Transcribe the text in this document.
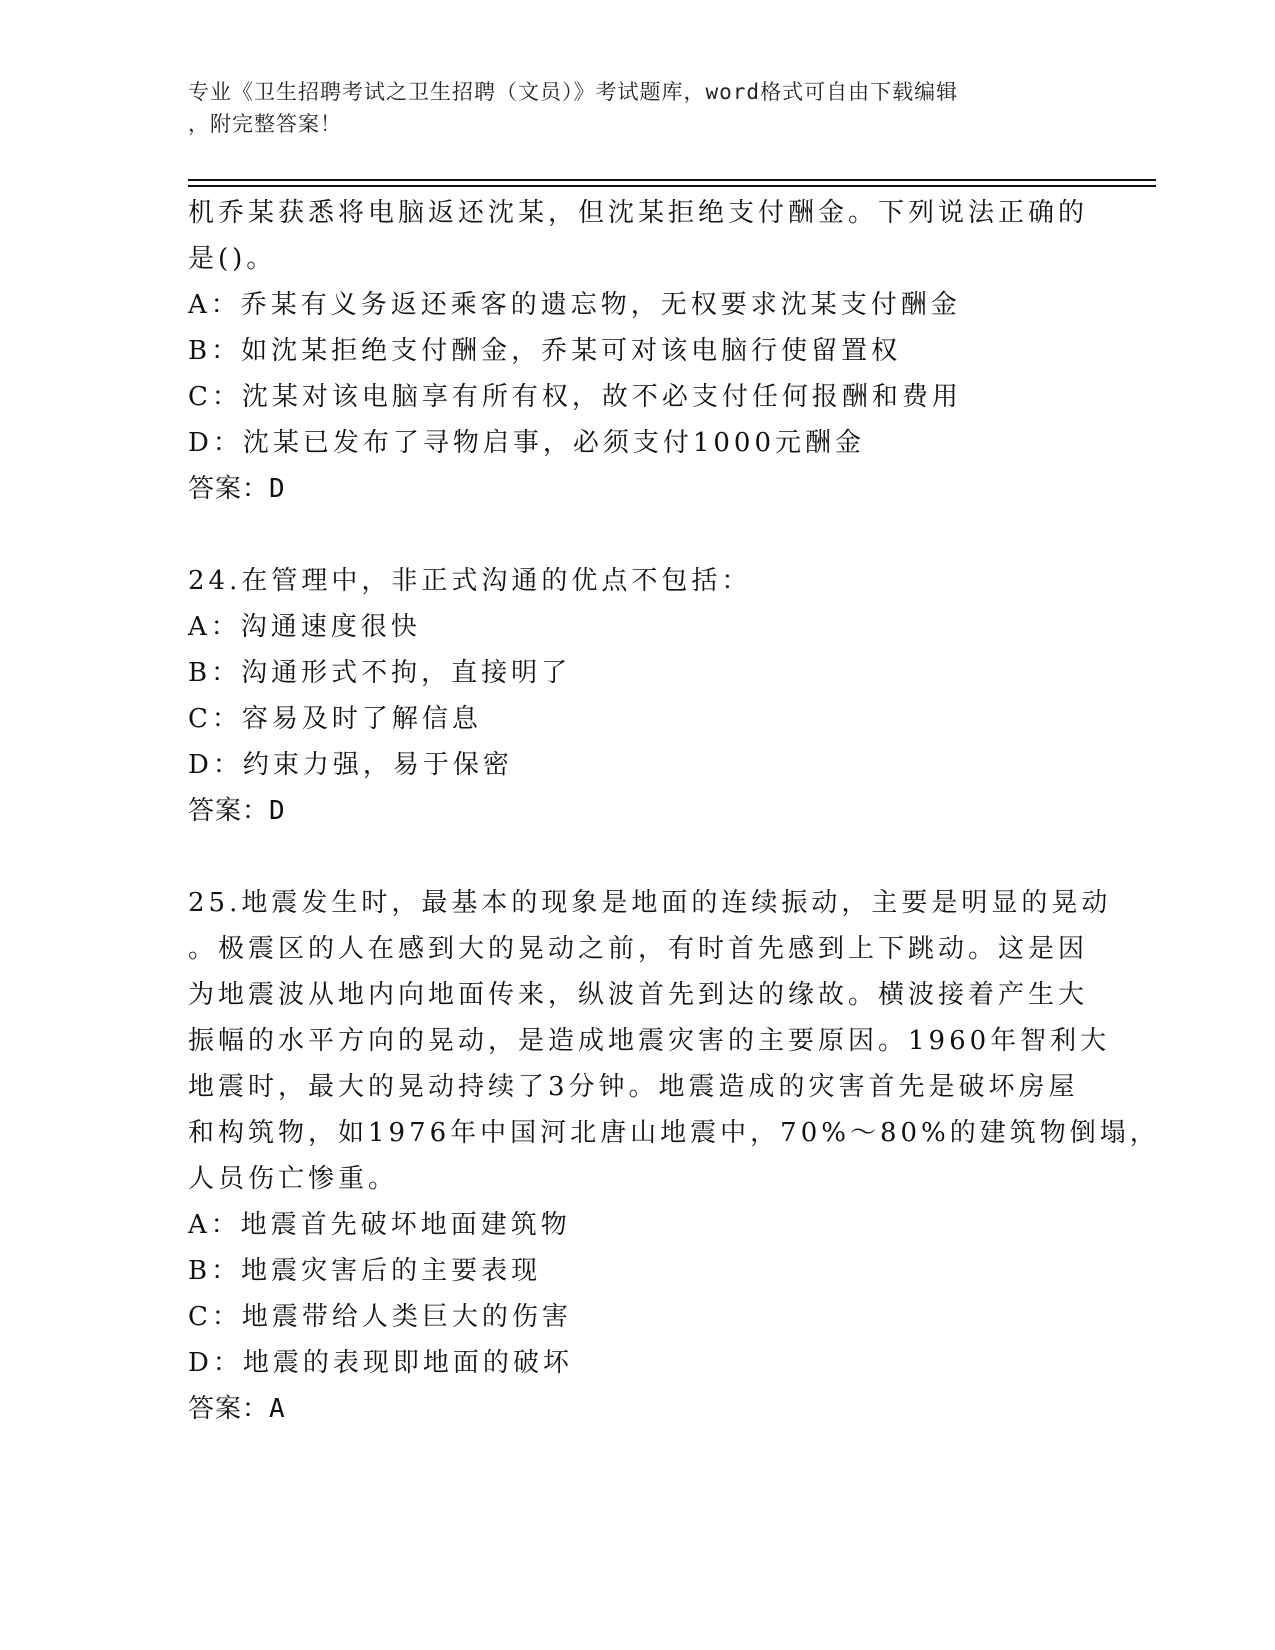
专业《卫生招聘考试之卫生招聘（文员）》考试题库，word格式可自由下载编辑
，附完整答案！
机乔某获悉将电脑返还沈某，但沈某拒绝支付酬金。下列说法正确的
是()。
A：乔某有义务返还乘客的遗忘物，无权要求沈某支付酬金
B：如沈某拒绝支付酬金，乔某可对该电脑行使留置权
C：沈某对该电脑享有所有权，故不必支付任何报酬和费用
D：沈某已发布了寻物启事，必须支付1000元酬金
答案：D
24.在管理中，非正式沟通的优点不包括：
A：沟通速度很快
B：沟通形式不拘，直接明了
C：容易及时了解信息
D：约束力强，易于保密
答案：D
25.地震发生时，最基本的现象是地面的连续振动，主要是明显的晃动
。极震区的人在感到大的晃动之前，有时首先感到上下跳动。这是因
为地震波从地内向地面传来，纵波首先到达的缘故。横波接着产生大
振幅的水平方向的晃动，是造成地震灾害的主要原因。1960年智利大
地震时，最大的晃动持续了3分钟。地震造成的灾害首先是破坏房屋
和构筑物，如1976年中国河北唐山地震中，70%～80%的建筑物倒塌，
人员伤亡惨重。
A：地震首先破坏地面建筑物
B：地震灾害后的主要表现
C：地震带给人类巨大的伤害
D：地震的表现即地面的破坏
答案：A
